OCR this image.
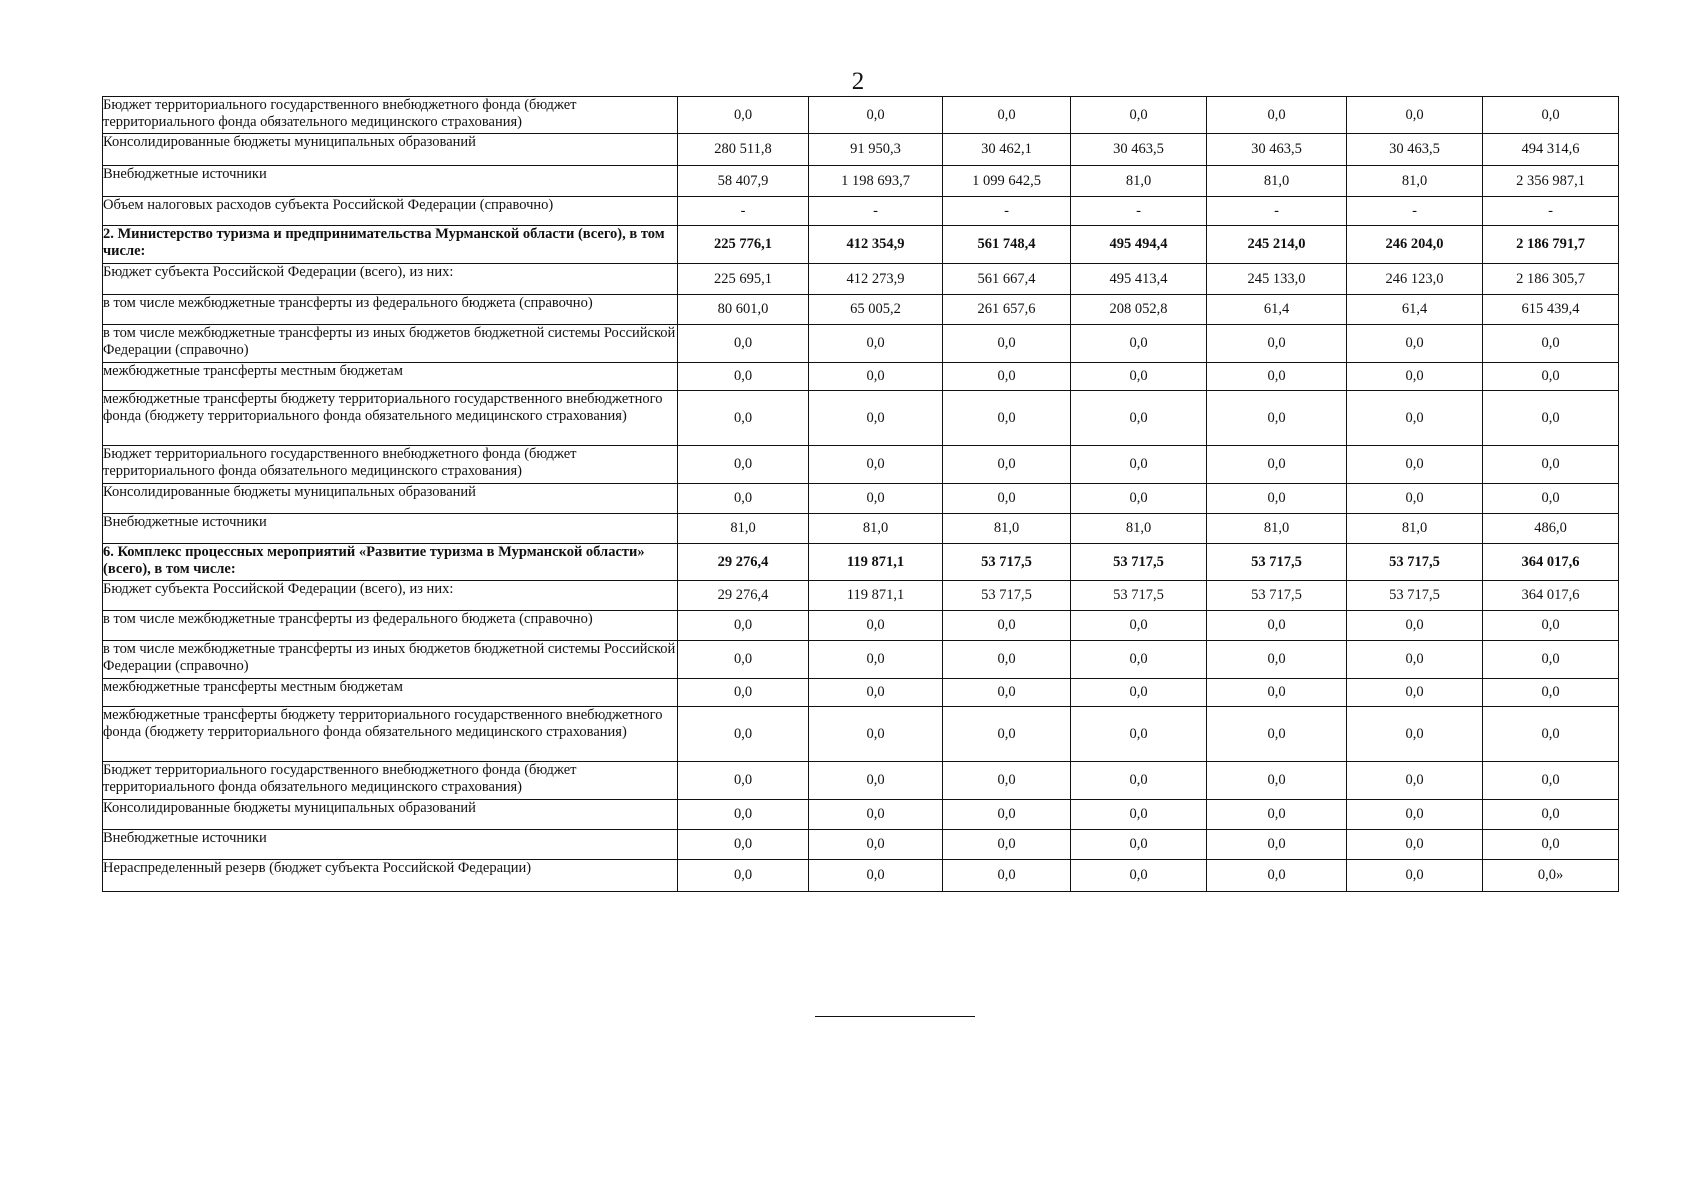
2
Бюджет территориального государственного внебюджетного фонда (бюджет территориального фонда обязательного медицинского страхования)	0,0	0,0	0,0	0,0	0,0	0,0	0,0
Консолидированные бюджеты муниципальных образований	280 511,8	91 950,3	30 462,1	30 463,5	30 463,5	30 463,5	494 314,6
Внебюджетные источники	58 407,9	1 198 693,7	1 099 642,5	81,0	81,0	81,0	2 356 987,1
Объем налоговых расходов субъекта Российской Федерации (справочно)	-	-	-	-	-	-	-
2. Министерство туризма и предпринимательства Мурманской области (всего), в том числе:	225 776,1	412 354,9	561 748,4	495 494,4	245 214,0	246 204,0	2 186 791,7
Бюджет субъекта Российской Федерации (всего), из них:	225 695,1	412 273,9	561 667,4	495 413,4	245 133,0	246 123,0	2 186 305,7
в том числе межбюджетные трансферты из федерального бюджета (справочно)	80 601,0	65 005,2	261 657,6	208 052,8	61,4	61,4	615 439,4
в том числе межбюджетные трансферты из иных бюджетов бюджетной системы Российской Федерации (справочно)	0,0	0,0	0,0	0,0	0,0	0,0	0,0
межбюджетные трансферты местным бюджетам	0,0	0,0	0,0	0,0	0,0	0,0	0,0
межбюджетные трансферты бюджету территориального государственного внебюджетного фонда (бюджету территориального фонда обязательного медицинского страхования)	0,0	0,0	0,0	0,0	0,0	0,0	0,0
Бюджет территориального государственного внебюджетного фонда (бюджет территориального фонда обязательного медицинского страхования)	0,0	0,0	0,0	0,0	0,0	0,0	0,0
Консолидированные бюджеты муниципальных образований	0,0	0,0	0,0	0,0	0,0	0,0	0,0
Внебюджетные источники	81,0	81,0	81,0	81,0	81,0	81,0	486,0
6. Комплекс процессных мероприятий «Развитие туризма в Мурманской области» (всего), в том числе:	29 276,4	119 871,1	53 717,5	53 717,5	53 717,5	53 717,5	364 017,6
Бюджет субъекта Российской Федерации (всего), из них:	29 276,4	119 871,1	53 717,5	53 717,5	53 717,5	53 717,5	364 017,6
в том числе межбюджетные трансферты из федерального бюджета (справочно)	0,0	0,0	0,0	0,0	0,0	0,0	0,0
в том числе межбюджетные трансферты из иных бюджетов бюджетной системы Российской Федерации (справочно)	0,0	0,0	0,0	0,0	0,0	0,0	0,0
межбюджетные трансферты местным бюджетам	0,0	0,0	0,0	0,0	0,0	0,0	0,0
межбюджетные трансферты бюджету территориального государственного внебюджетного фонда (бюджету территориального фонда обязательного медицинского страхования)	0,0	0,0	0,0	0,0	0,0	0,0	0,0
Бюджет территориального государственного внебюджетного фонда (бюджет территориального фонда обязательного медицинского страхования)	0,0	0,0	0,0	0,0	0,0	0,0	0,0
Консолидированные бюджеты муниципальных образований	0,0	0,0	0,0	0,0	0,0	0,0	0,0
Внебюджетные источники	0,0	0,0	0,0	0,0	0,0	0,0	0,0
Нераспределенный резерв (бюджет субъекта Российской Федерации)	0,0	0,0	0,0	0,0	0,0	0,0	0,0»
